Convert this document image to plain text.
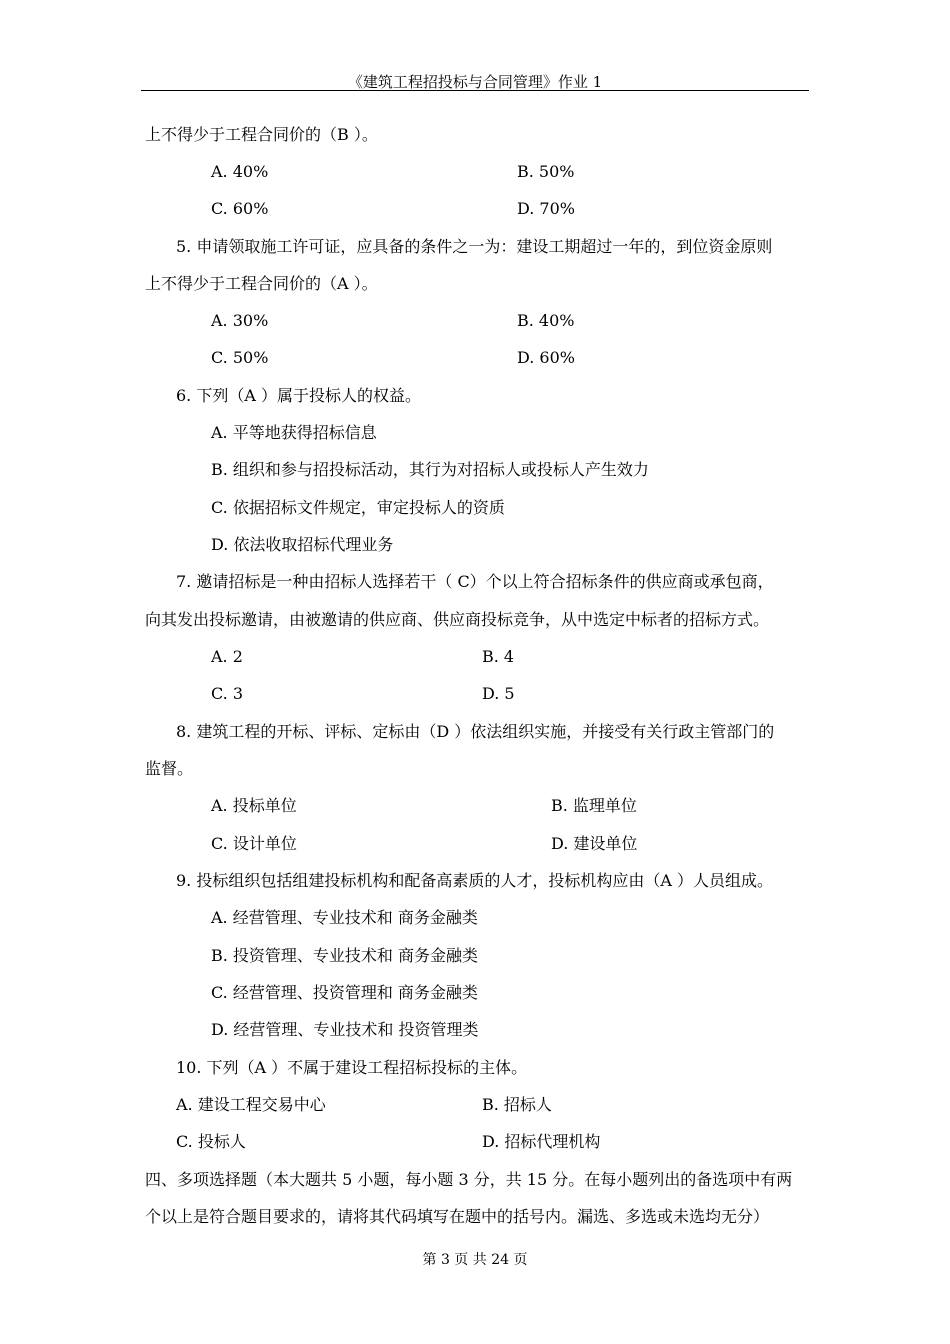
《建筑工程招投标与合同管理》作业 1
上不得少于工程合同价的（B ）。
A. 40%	B. 50%
C. 60%	D. 70%
5. 申请领取施工许可证，应具备的条件之一为：建设工期超过一年的，到位资金原则
上不得少于工程合同价的（A ）。
A. 30%	B. 40%
C. 50%	D. 60%
6. 下列（A ）属于投标人的权益。
A. 平等地获得招标信息
B. 组织和参与招投标活动，其行为对招标人或投标人产生效力
C. 依据招标文件规定，审定投标人的资质
D. 依法收取招标代理业务
7. 邀请招标是一种由招标人选择若干（ C）个以上符合招标条件的供应商或承包商，
向其发出投标邀请，由被邀请的供应商、供应商投标竞争，从中选定中标者的招标方式。
A. 2	B. 4
C. 3	D. 5
8. 建筑工程的开标、评标、定标由（D ）依法组织实施，并接受有关行政主管部门的
监督。
A. 投标单位	B. 监理单位
C. 设计单位	D. 建设单位
9. 投标组织包括组建投标机构和配备高素质的人才，投标机构应由（A ）人员组成。
A. 经营管理、专业技术和 商务金融类
B. 投资管理、专业技术和 商务金融类
C. 经营管理、投资管理和 商务金融类
D. 经营管理、专业技术和 投资管理类
10. 下列（A ）不属于建设工程招标投标的主体。
A. 建设工程交易中心	B. 招标人
C. 投标人	D. 招标代理机构
四、多项选择题（本大题共 5 小题，每小题 3 分，共 15 分。在每小题列出的备选项中有两
个以上是符合题目要求的，请将其代码填写在题中的括号内。漏选、多选或未选均无分）
第 3 页 共 24 页
